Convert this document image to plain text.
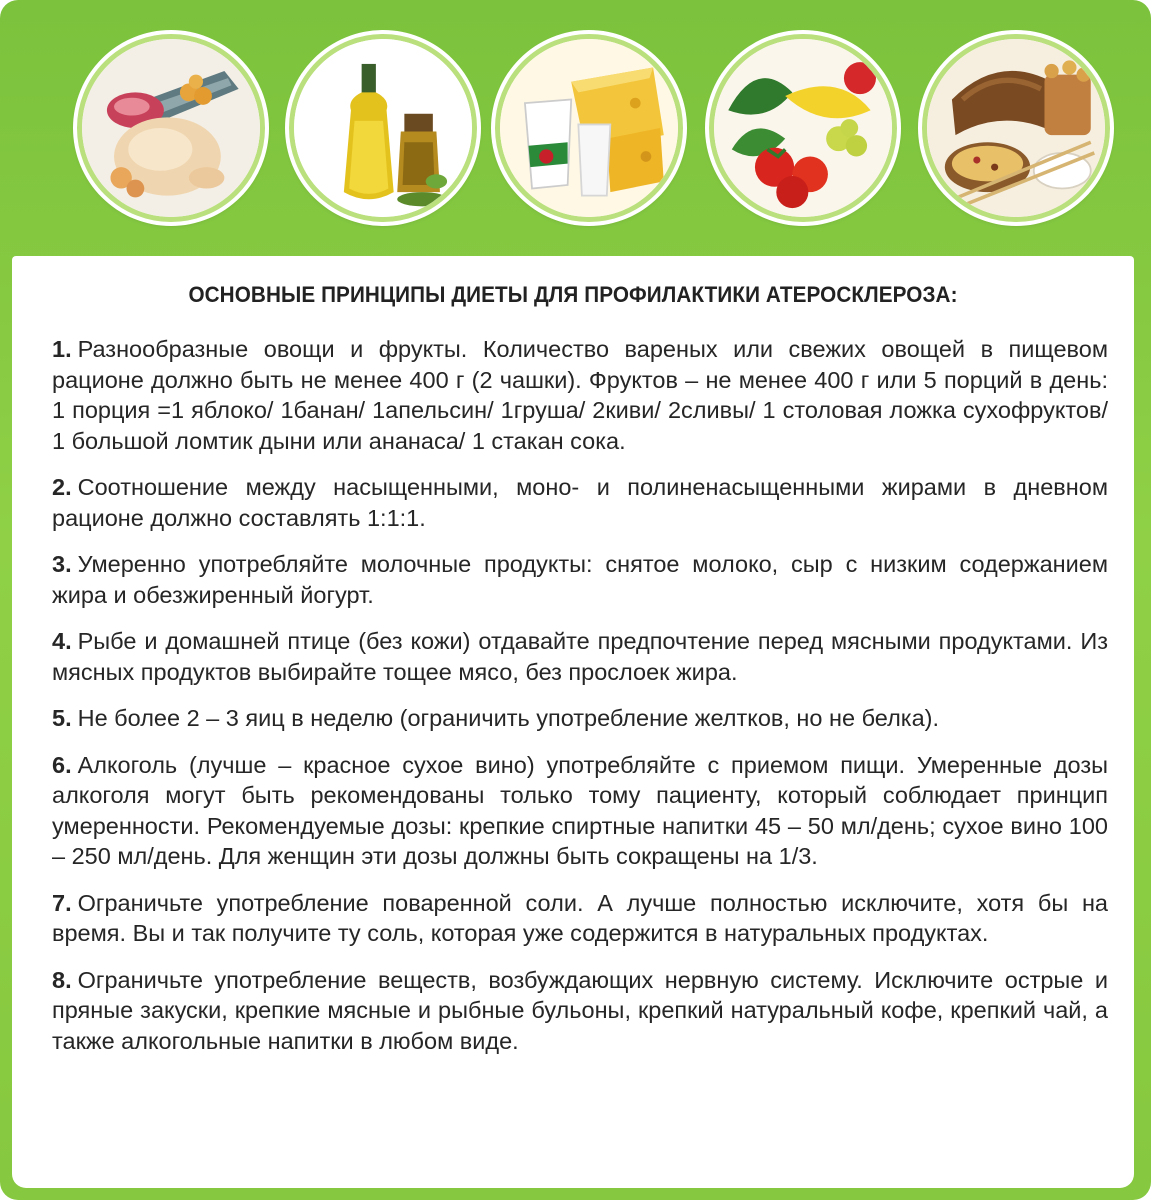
ОСНОВНЫЕ ПРИНЦИПЫ ДИЕТЫ ДЛЯ ПРОФИЛАКТИКИ АТЕРОСКЛЕРОЗА:

1. Разнообразные овощи и фрукты. Количество вареных или свежих овощей в пищевом рационе должно быть не менее 400 г (2 чашки). Фруктов – не менее 400 г или 5 порций в день: 1 порция =1 яблоко/ 1банан/ 1апельсин/ 1груша/ 2киви/ 2сливы/ 1 столовая ложка сухофруктов/ 1 большой ломтик дыни или ананаса/ 1 стакан сока.

2. Соотношение между насыщенными, моно- и полиненасыщенными жирами в дневном рационе должно составлять 1:1:1.

3. Умеренно употребляйте молочные продукты: снятое молоко, сыр с низким содержанием жира и обезжиренный йогурт.

4. Рыбе и домашней птице (без кожи) отдавайте предпочтение перед мясными продуктами. Из мясных продуктов выбирайте тощее мясо, без прослоек жира.

5. Не более 2 – 3 яиц в неделю (ограничить употребление желтков, но не белка).

6. Алкоголь (лучше – красное сухое вино) употребляйте с приемом пищи. Умеренные дозы алкоголя могут быть рекомендованы только тому пациенту, который соблюдает принцип умеренности. Рекомендуемые дозы: крепкие спиртные напитки 45 – 50 мл/день; сухое вино 100 – 250 мл/день. Для женщин эти дозы должны быть сокращены на 1/3.

7. Ограничьте употребление поваренной соли. А лучше полностью исключите, хотя бы на время. Вы и так получите ту соль, которая уже содержится в натуральных продуктах.

8. Ограничьте употребление веществ, возбуждающих нервную систему. Исключите острые и пряные закуски, крепкие мясные и рыбные бульоны, крепкий натуральный кофе, крепкий чай, а также алкогольные напитки в любом виде.
